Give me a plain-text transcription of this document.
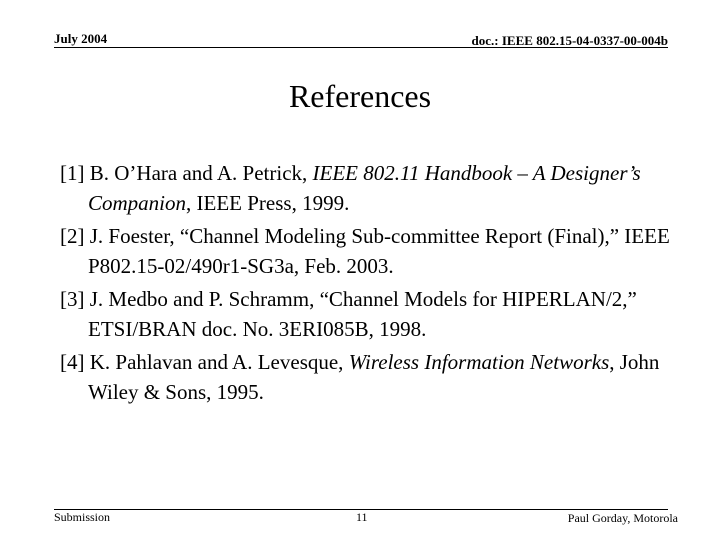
July 2004	doc.: IEEE 802.15-04-0337-00-004b
References
[1] B. O’Hara and A. Petrick, IEEE 802.11 Handbook – A Designer’s Companion, IEEE Press, 1999.
[2] J. Foester, “Channel Modeling Sub-committee Report (Final),” IEEE P802.15-02/490r1-SG3a, Feb. 2003.
[3] J. Medbo and P. Schramm, “Channel Models for HIPERLAN/2,” ETSI/BRAN doc. No. 3ERI085B, 1998.
[4] K. Pahlavan and A. Levesque, Wireless Information Networks, John Wiley & Sons, 1995.
Submission	11	Paul Gorday, Motorola
